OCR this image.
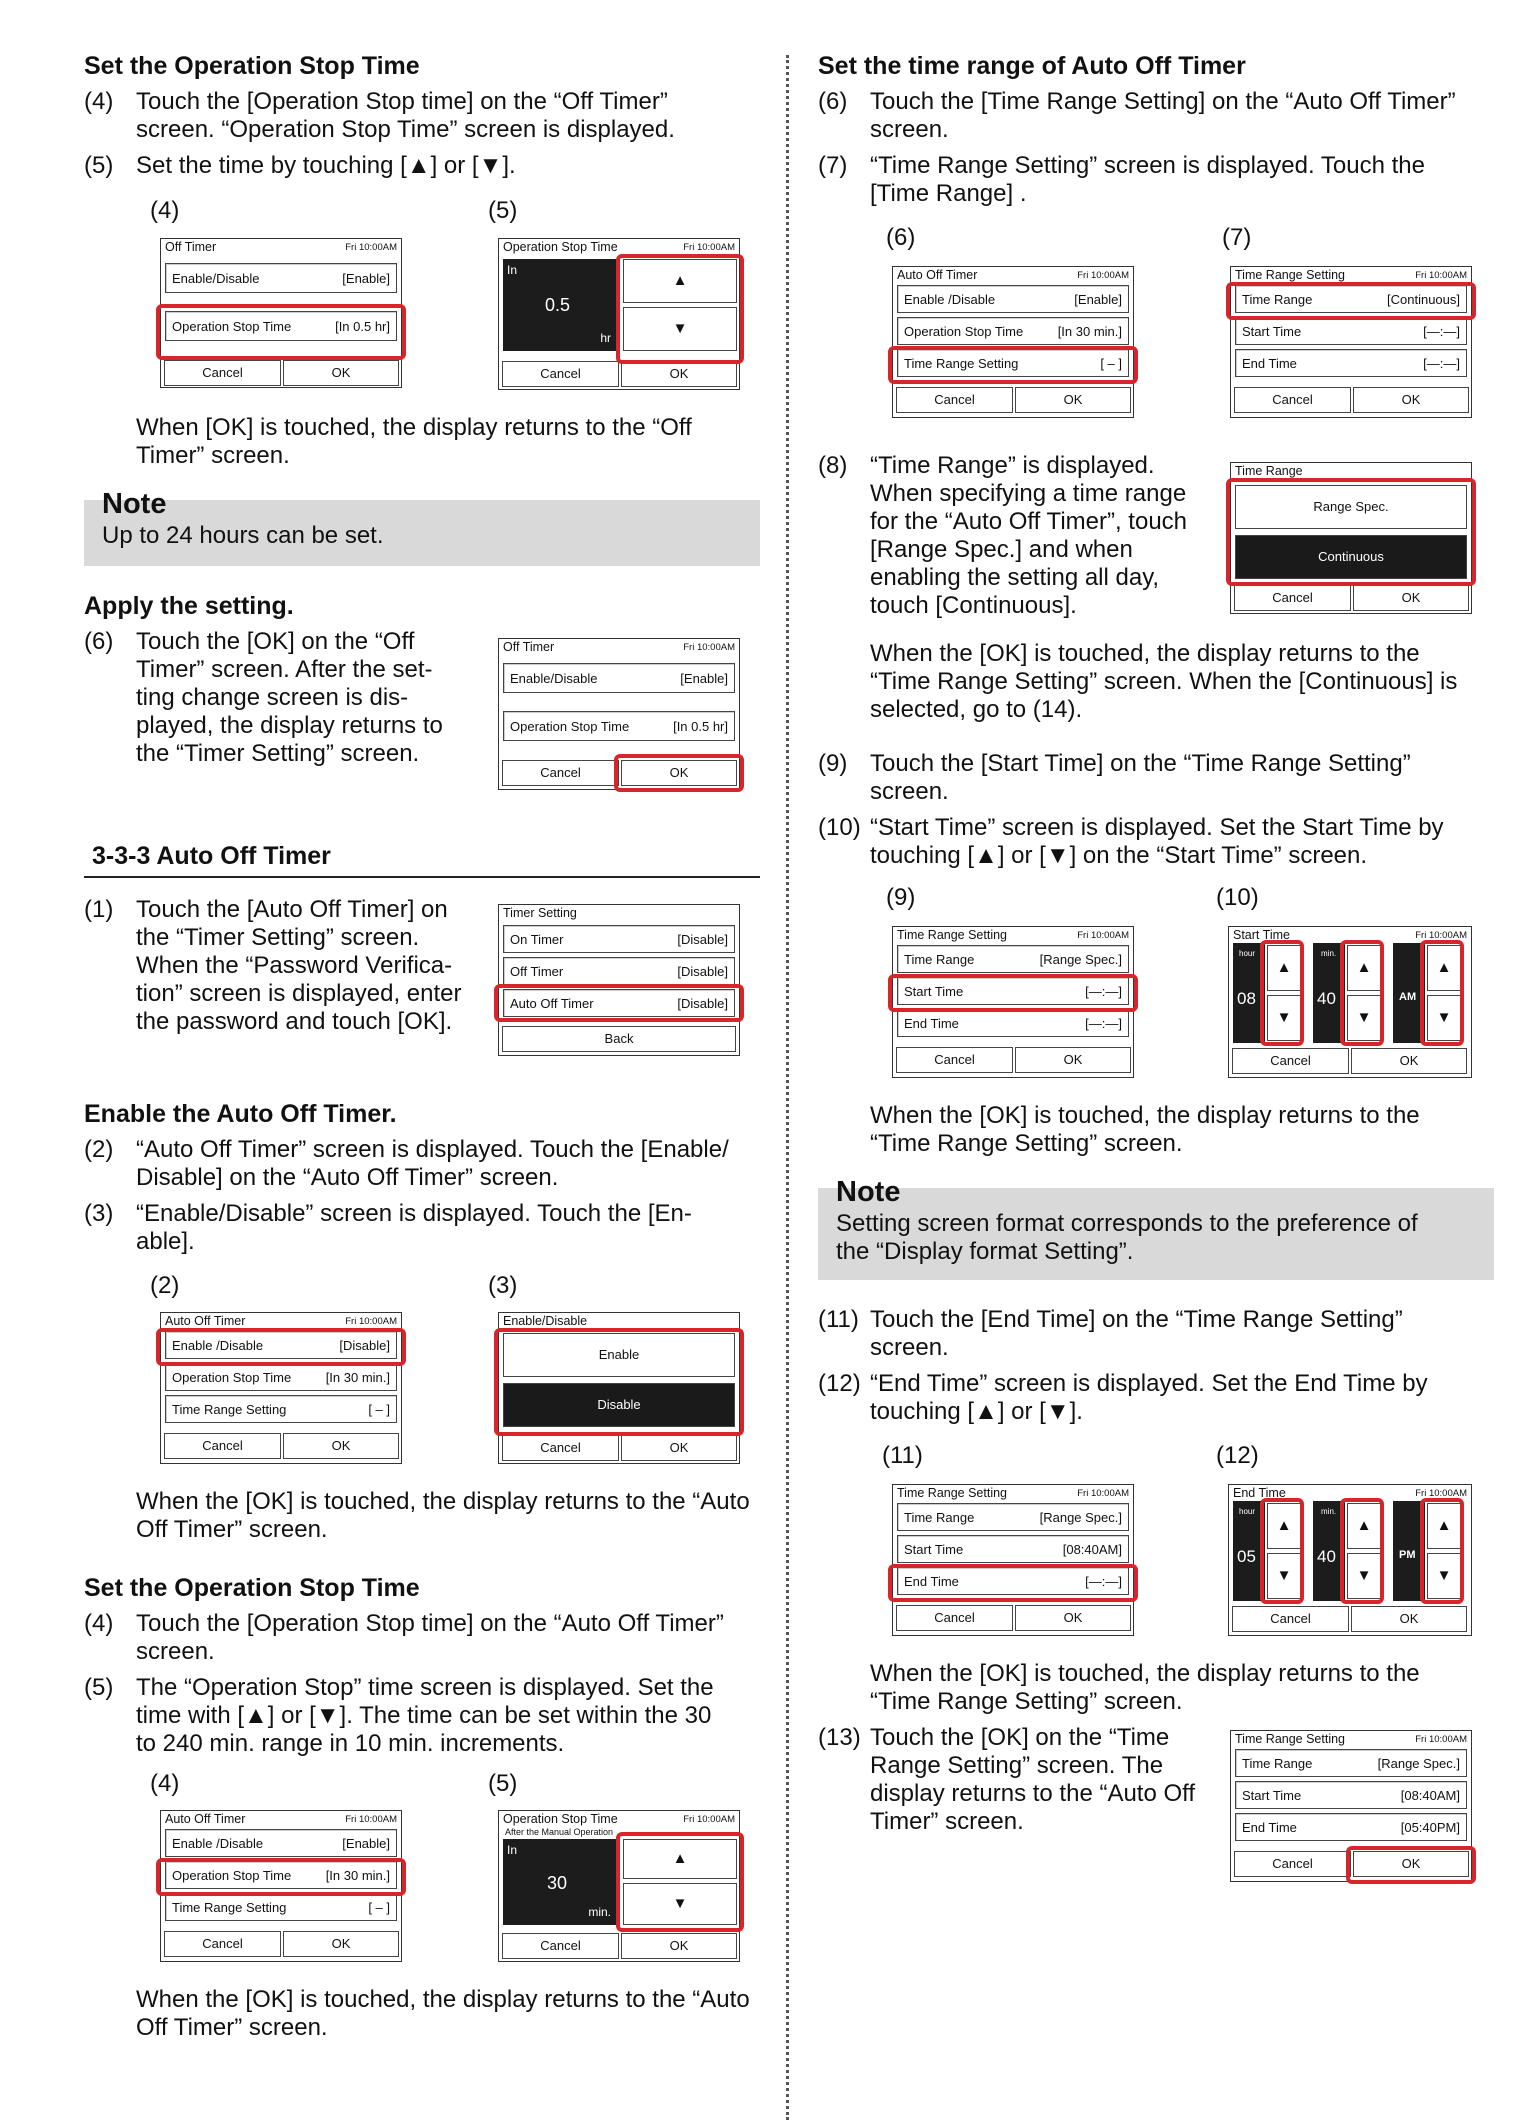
Set the Operation Stop Time
(4) Touch the [Operation Stop time] on the “Off Timer”
screen. “Operation Stop Time” screen is displayed.
(5) Set the time by touching [▲] or [▼].
(4)	(5)
Off Timer	Fri 10:00AM
Enable/Disable	[Enable]
Operation Stop Time	[In 0.5 hr]
Cancel	OK
Operation Stop Time	Fri 10:00AM
In
0.5
hr
▲
▼
Cancel	OK
When [OK] is touched, the display returns to the “Off
Timer” screen.
Note
Up to 24 hours can be set.
Apply the setting.
(6) Touch the [OK] on the “Off
Timer” screen. After the set-
ting change screen is dis-
played, the display returns to
the “Timer Setting” screen.
Off Timer	Fri 10:00AM
Enable/Disable	[Enable]
Operation Stop Time	[In 0.5 hr]
Cancel	OK
3-3-3 Auto Off Timer
(1) Touch the [Auto Off Timer] on
the “Timer Setting” screen.
When the “Password Verifica-
tion” screen is displayed, enter
the password and touch [OK].
Timer Setting
On Timer	[Disable]
Off Timer	[Disable]
Auto Off Timer	[Disable]
Back
Enable the Auto Off Timer.
(2) “Auto Off Timer” screen is displayed. Touch the [Enable/
Disable] on the “Auto Off Timer” screen.
(3) “Enable/Disable” screen is displayed. Touch the [En-
able].
(2)	(3)
Auto Off Timer	Fri 10:00AM
Enable /Disable	[Disable]
Operation Stop Time	[In 30 min.]
Time Range Setting	[ – ]
Cancel	OK
Enable/Disable
Enable
Disable
Cancel	OK
When the [OK] is touched, the display returns to the “Auto
Off Timer” screen.
Set the Operation Stop Time
(4) Touch the [Operation Stop time] on the “Auto Off Timer”
screen.
(5) The “Operation Stop” time screen is displayed. Set the
time with [▲] or [▼]. The time can be set within the 30
to 240 min. range in 10 min. increments.
(4)	(5)
Auto Off Timer	Fri 10:00AM
Enable /Disable	[Enable]
Operation Stop Time	[In 30 min.]
Time Range Setting	[ – ]
Cancel	OK
Operation Stop Time	Fri 10:00AM
After the Manual Operation
In
30
min.
▲
▼
Cancel	OK
When the [OK] is touched, the display returns to the “Auto
Off Timer” screen.
Set the time range of Auto Off Timer
(6) Touch the [Time Range Setting] on the “Auto Off Timer”
screen.
(7) “Time Range Setting” screen is displayed. Touch the
[Time Range] .
(6)	(7)
Auto Off Timer	Fri 10:00AM
Enable /Disable	[Enable]
Operation Stop Time	[In 30 min.]
Time Range Setting	[ – ]
Cancel	OK
Time Range Setting	Fri 10:00AM
Time Range	[Continuous]
Start Time	[—:—]
End Time	[—:—]
Cancel	OK
(8) “Time Range” is displayed.
When specifying a time range
for the “Auto Off Timer”, touch
[Range Spec.] and when
enabling the setting all day,
touch [Continuous].
Time Range
Range Spec.
Continuous
Cancel	OK
When the [OK] is touched, the display returns to the
“Time Range Setting” screen. When the [Continuous] is
selected, go to (14).
(9) Touch the [Start Time] on the “Time Range Setting”
screen.
(10) “Start Time” screen is displayed. Set the Start Time by
touching [▲] or [▼] on the “Start Time” screen.
(9)	(10)
Time Range Setting	Fri 10:00AM
Time Range	[Range Spec.]
Start Time	[—:—]
End Time	[—:—]
Cancel	OK
Start Time	Fri 10:00AM
hour
08
▲
▼
min.
40
▲
▼
AM
▲
▼
Cancel	OK
When the [OK] is touched, the display returns to the
“Time Range Setting” screen.
Note
Setting screen format corresponds to the preference of
the “Display format Setting”.
(11) Touch the [End Time] on the “Time Range Setting”
screen.
(12) “End Time” screen is displayed. Set the End Time by
touching [▲] or [▼].
(11)	(12)
Time Range Setting	Fri 10:00AM
Time Range	[Range Spec.]
Start Time	[08:40AM]
End Time	[—:—]
Cancel	OK
End Time	Fri 10:00AM
hour
05
▲
▼
min.
40
▲
▼
PM
▲
▼
Cancel	OK
When the [OK] is touched, the display returns to the
“Time Range Setting” screen.
(13) Touch the [OK] on the “Time
Range Setting” screen. The
display returns to the “Auto Off
Timer” screen.
Time Range Setting	Fri 10:00AM
Time Range	[Range Spec.]
Start Time	[08:40AM]
End Time	[05:40PM]
Cancel	OK
